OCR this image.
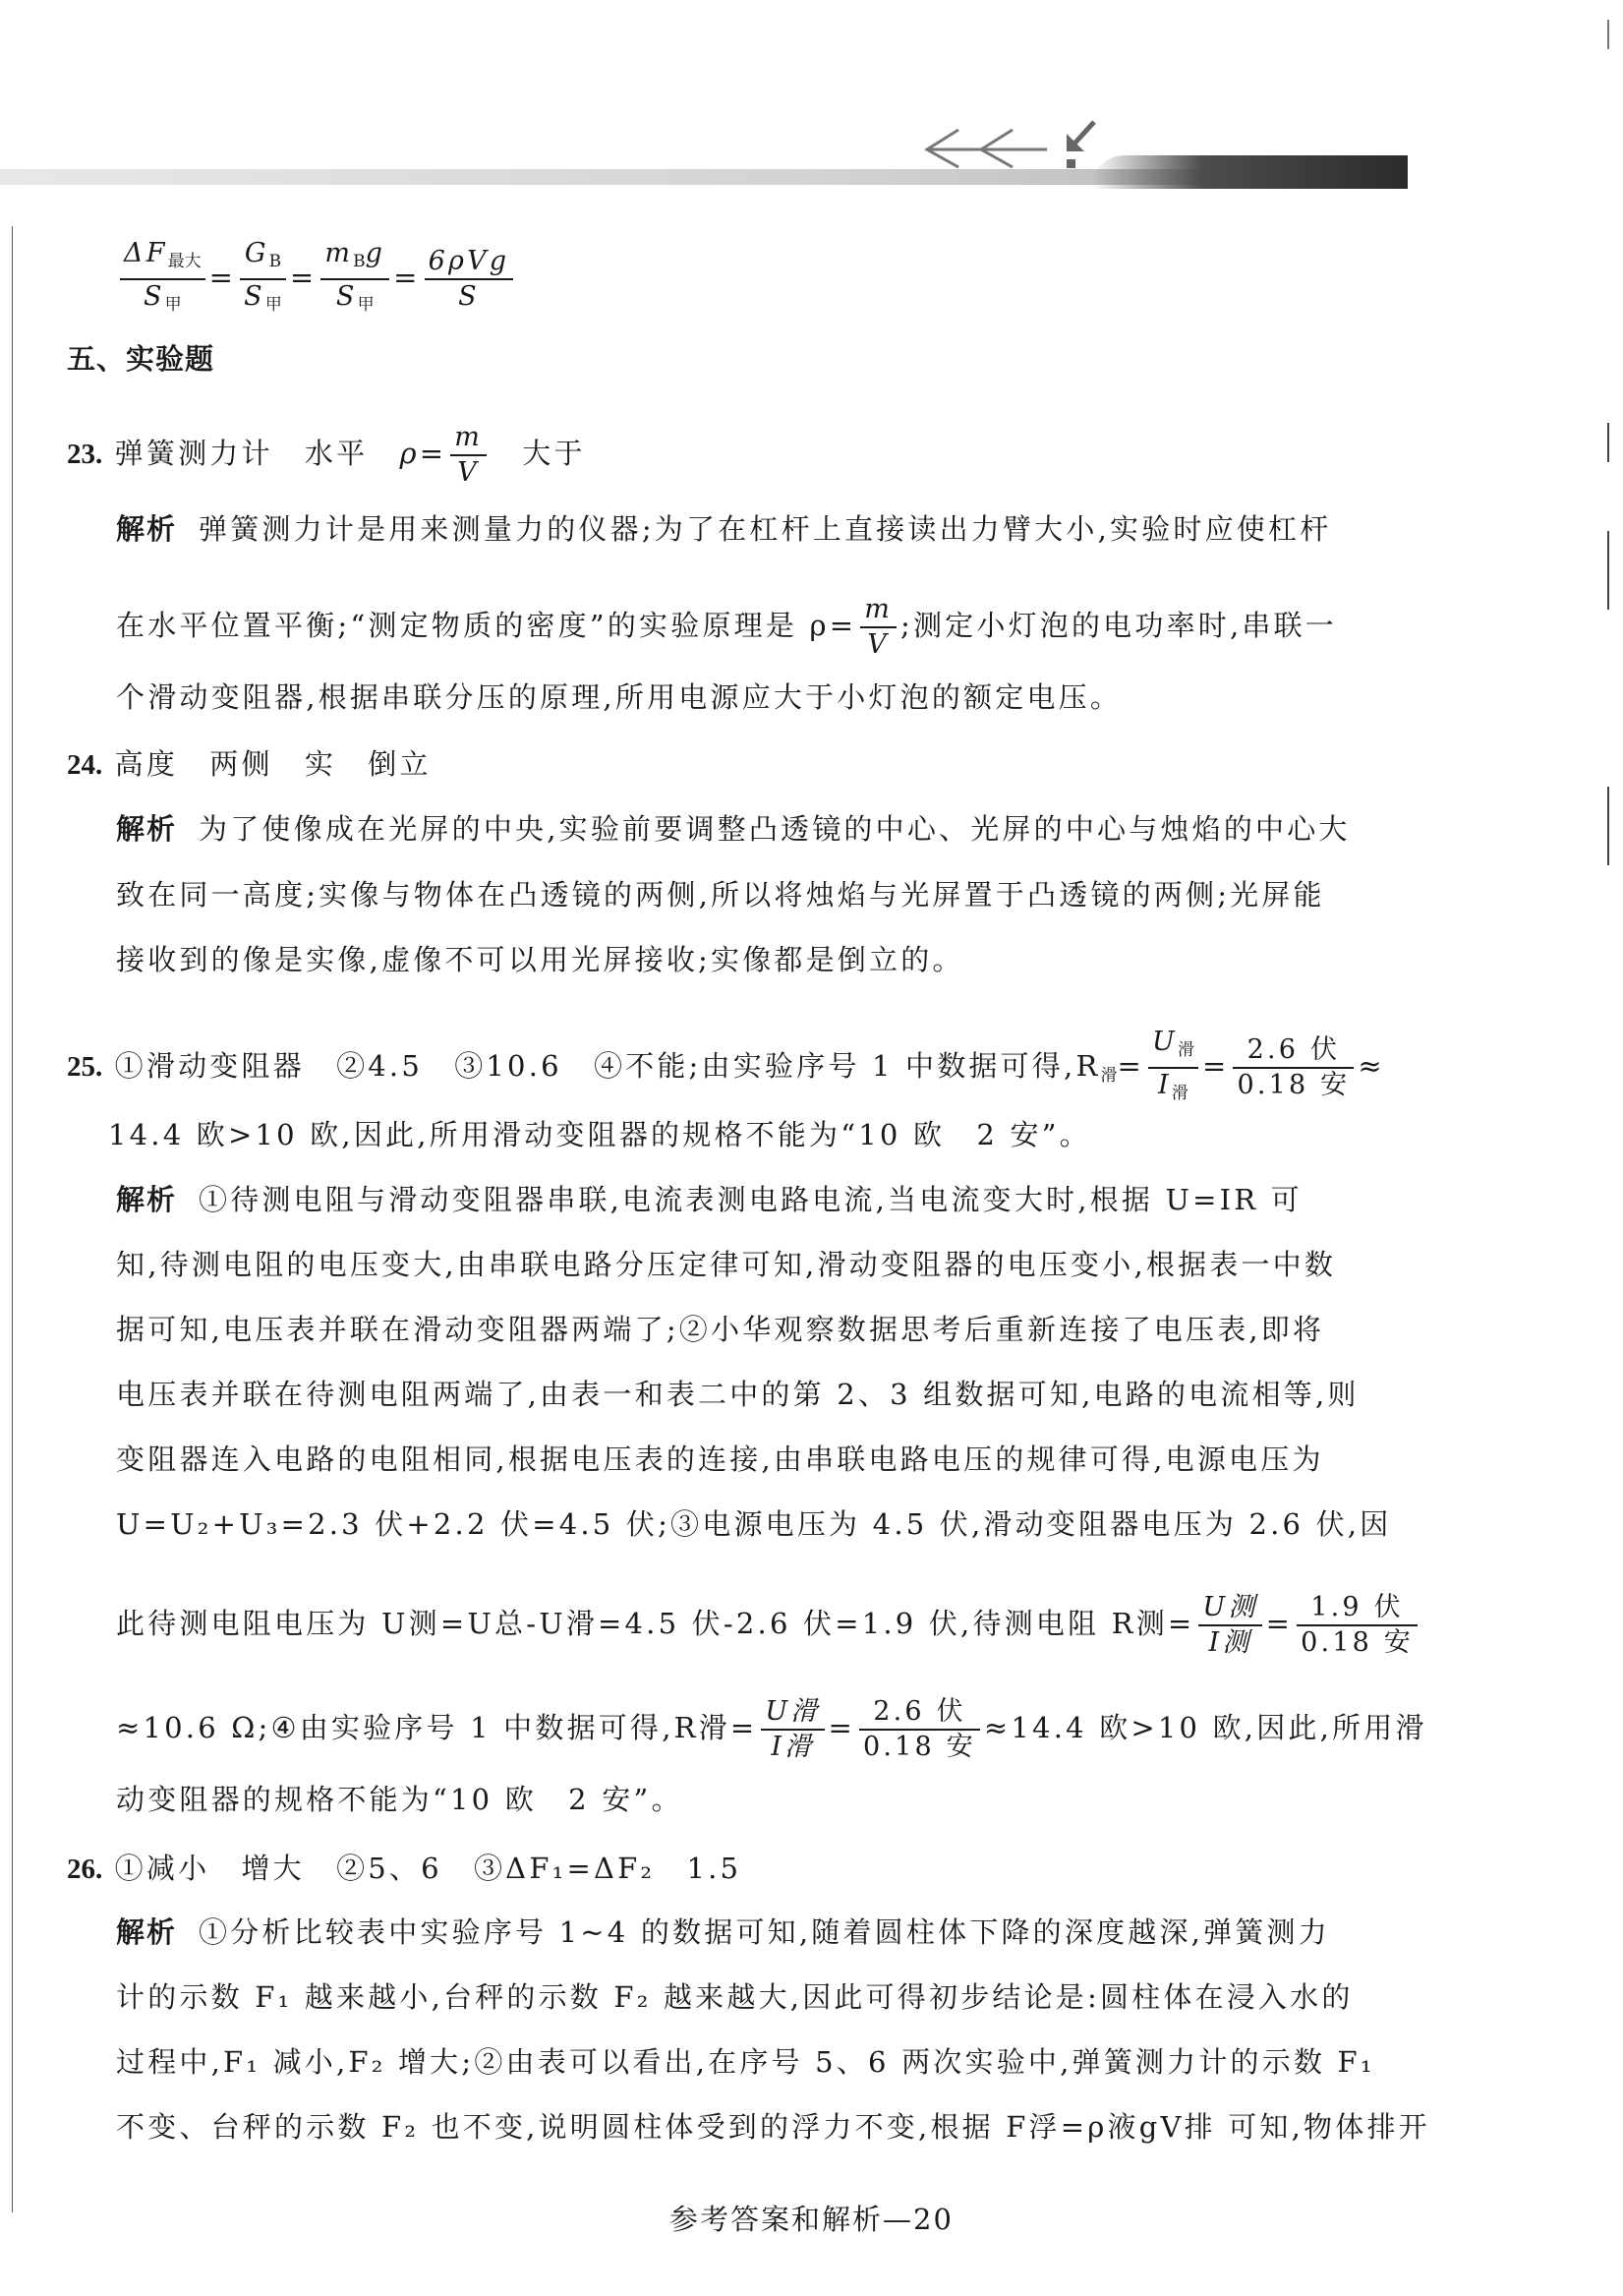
$\frac{\Delta F_{最大}}{S_甲} = \frac{G_B}{S_甲} = \frac{m_Bg}{S_甲} = \frac{\text{6ρVg}}{S}$
五、实验题
23. 弹簧测力计　水平　$\rho= \frac{m}{V}$ 　大于
解析 弹簧测力计是用来测量力的仪器;为了在杠杆上直接读出力臂大小,实验时应使杠杆
在水平位置平衡;“测定物质的密度”的实验原理是 $\rho= \frac{m}{V}$ ;测定小灯泡的电功率时,串联一
个滑动变阻器,根据串联分压的原理,所用电源应大于小灯泡的额定电压。
24. 高度　两侧　实　倒立
解析 为了使像成在光屏的中央,实验前要调整凸透镜的中心、光屏的中心与烛焰的中心大
致在同一高度;实像与物体在凸透镜的两侧,所以将烛焰与光屏置于凸透镜的两侧;光屏能
接收到的像是实像,虚像不可以用光屏接收;实像都是倒立的。
25. ①滑动变阻器　②4.5　③10.6　④不能;由实验序号 1 中数据可得$,R_滑= \frac{U_滑}{I_滑} = \frac{\text{2.6 伏}}{\text{0.18 安}}$ ≈
14.4 欧>10 欧,因此,所用滑动变阻器的规格不能为“10 欧　2 安”。
解析 ①待测电阻与滑动变阻器串联,电流表测电路电流,当电流变大时,根据 U=IR 可
知,待测电阻的电压变大,由串联电路分压定律可知,滑动变阻器的电压变小,根据表一中数
据可知,电压表并联在滑动变阻器两端了;②小华观察数据思考后重新连接了电压表,即将
电压表并联在待测电阻两端了,由表一和表二中的第 2、3 组数据可知,电路的电流相等,则
变阻器连入电路的电阻相同,根据电压表的连接,由串联电路电压的规律可得,电源电压为
U=U₂+U₃=2.3 伏+2.2 伏=4.5 伏;③电源电压为 4.5 伏,滑动变阻器电压为 2.6 伏,因
此待测电阻电压为 U测=U总-U滑=4.5 伏-2.6 伏=1.9 伏,待测电阻 R测= $\frac{\text{U测}}{\text{I测}} = \frac{\text{1.9 伏}}{\text{0.18 安}}$
≈10.6 Ω;④由实验序号 1 中数据可得,R滑= $\frac{\text{U滑}}{\text{I滑}} = \frac{\text{2.6 伏}}{\text{0.18 安}} \approx 14.4$ 欧>10 欧,因此,所用滑
动变阻器的规格不能为“10 欧　2 安”。
26. ①减小　增大　②5、6　③ΔF₁=ΔF₂　1.5
解析 ①分析比较表中实验序号 1~4 的数据可知,随着圆柱体下降的深度越深,弹簧测力
计的示数 F₁ 越来越小,台秤的示数 F₂ 越来越大,因此可得初步结论是:圆柱体在浸入水的
过程中,F₁ 减小,F₂ 增大;②由表可以看出,在序号 5、6 两次实验中,弹簧测力计的示数 F₁
不变、台秤的示数 F₂ 也不变,说明圆柱体受到的浮力不变,根据 F浮=ρ液gV排 可知,物体排开
参考答案和解析—20
